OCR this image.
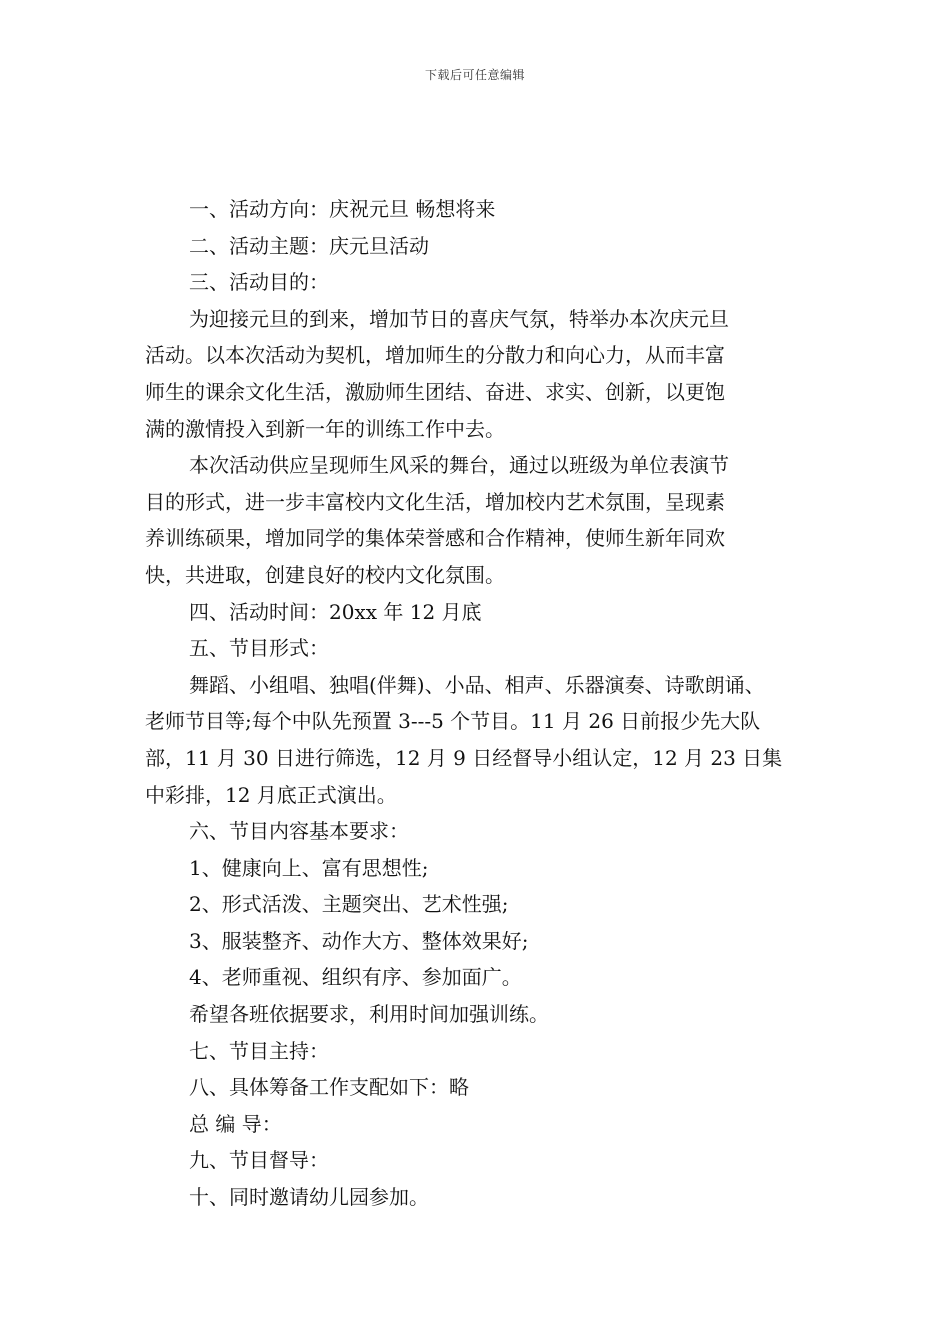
下载后可任意编辑

一、活动方向：庆祝元旦 畅想将来

二、活动主题：庆元旦活动

三、活动目的：

为迎接元旦的到来，增加节日的喜庆气氛，特举办本次庆元旦

活动。以本次活动为契机，增加师生的分散力和向心力，从而丰富

师生的课余文化生活，激励师生团结、奋进、求实、创新，以更饱

满的激情投入到新一年的训练工作中去。

本次活动供应呈现师生风采的舞台，通过以班级为单位表演节

目的形式，进一步丰富校内文化生活，增加校内艺术氛围，呈现素

养训练硕果，增加同学的集体荣誉感和合作精神，使师生新年同欢

快，共进取，创建良好的校内文化氛围。

四、活动时间：20xx 年 12 月底

五、节目形式：

舞蹈、小组唱、独唱(伴舞)、小品、相声、乐器演奏、诗歌朗诵、

老师节目等;每个中队先预置 3---5 个节目。11 月 26 日前报少先大队

部，11 月 30 日进行筛选，12 月 9 日经督导小组认定，12 月 23 日集

中彩排，12 月底正式演出。

六、节目内容基本要求：

1、健康向上、富有思想性;

2、形式活泼、主题突出、艺术性强;

3、服装整齐、动作大方、整体效果好;

4、老师重视、组织有序、参加面广。

希望各班依据要求，利用时间加强训练。

七、节目主持：

八、具体筹备工作支配如下：略

总 编 导：

九、节目督导：

十、同时邀请幼儿园参加。
